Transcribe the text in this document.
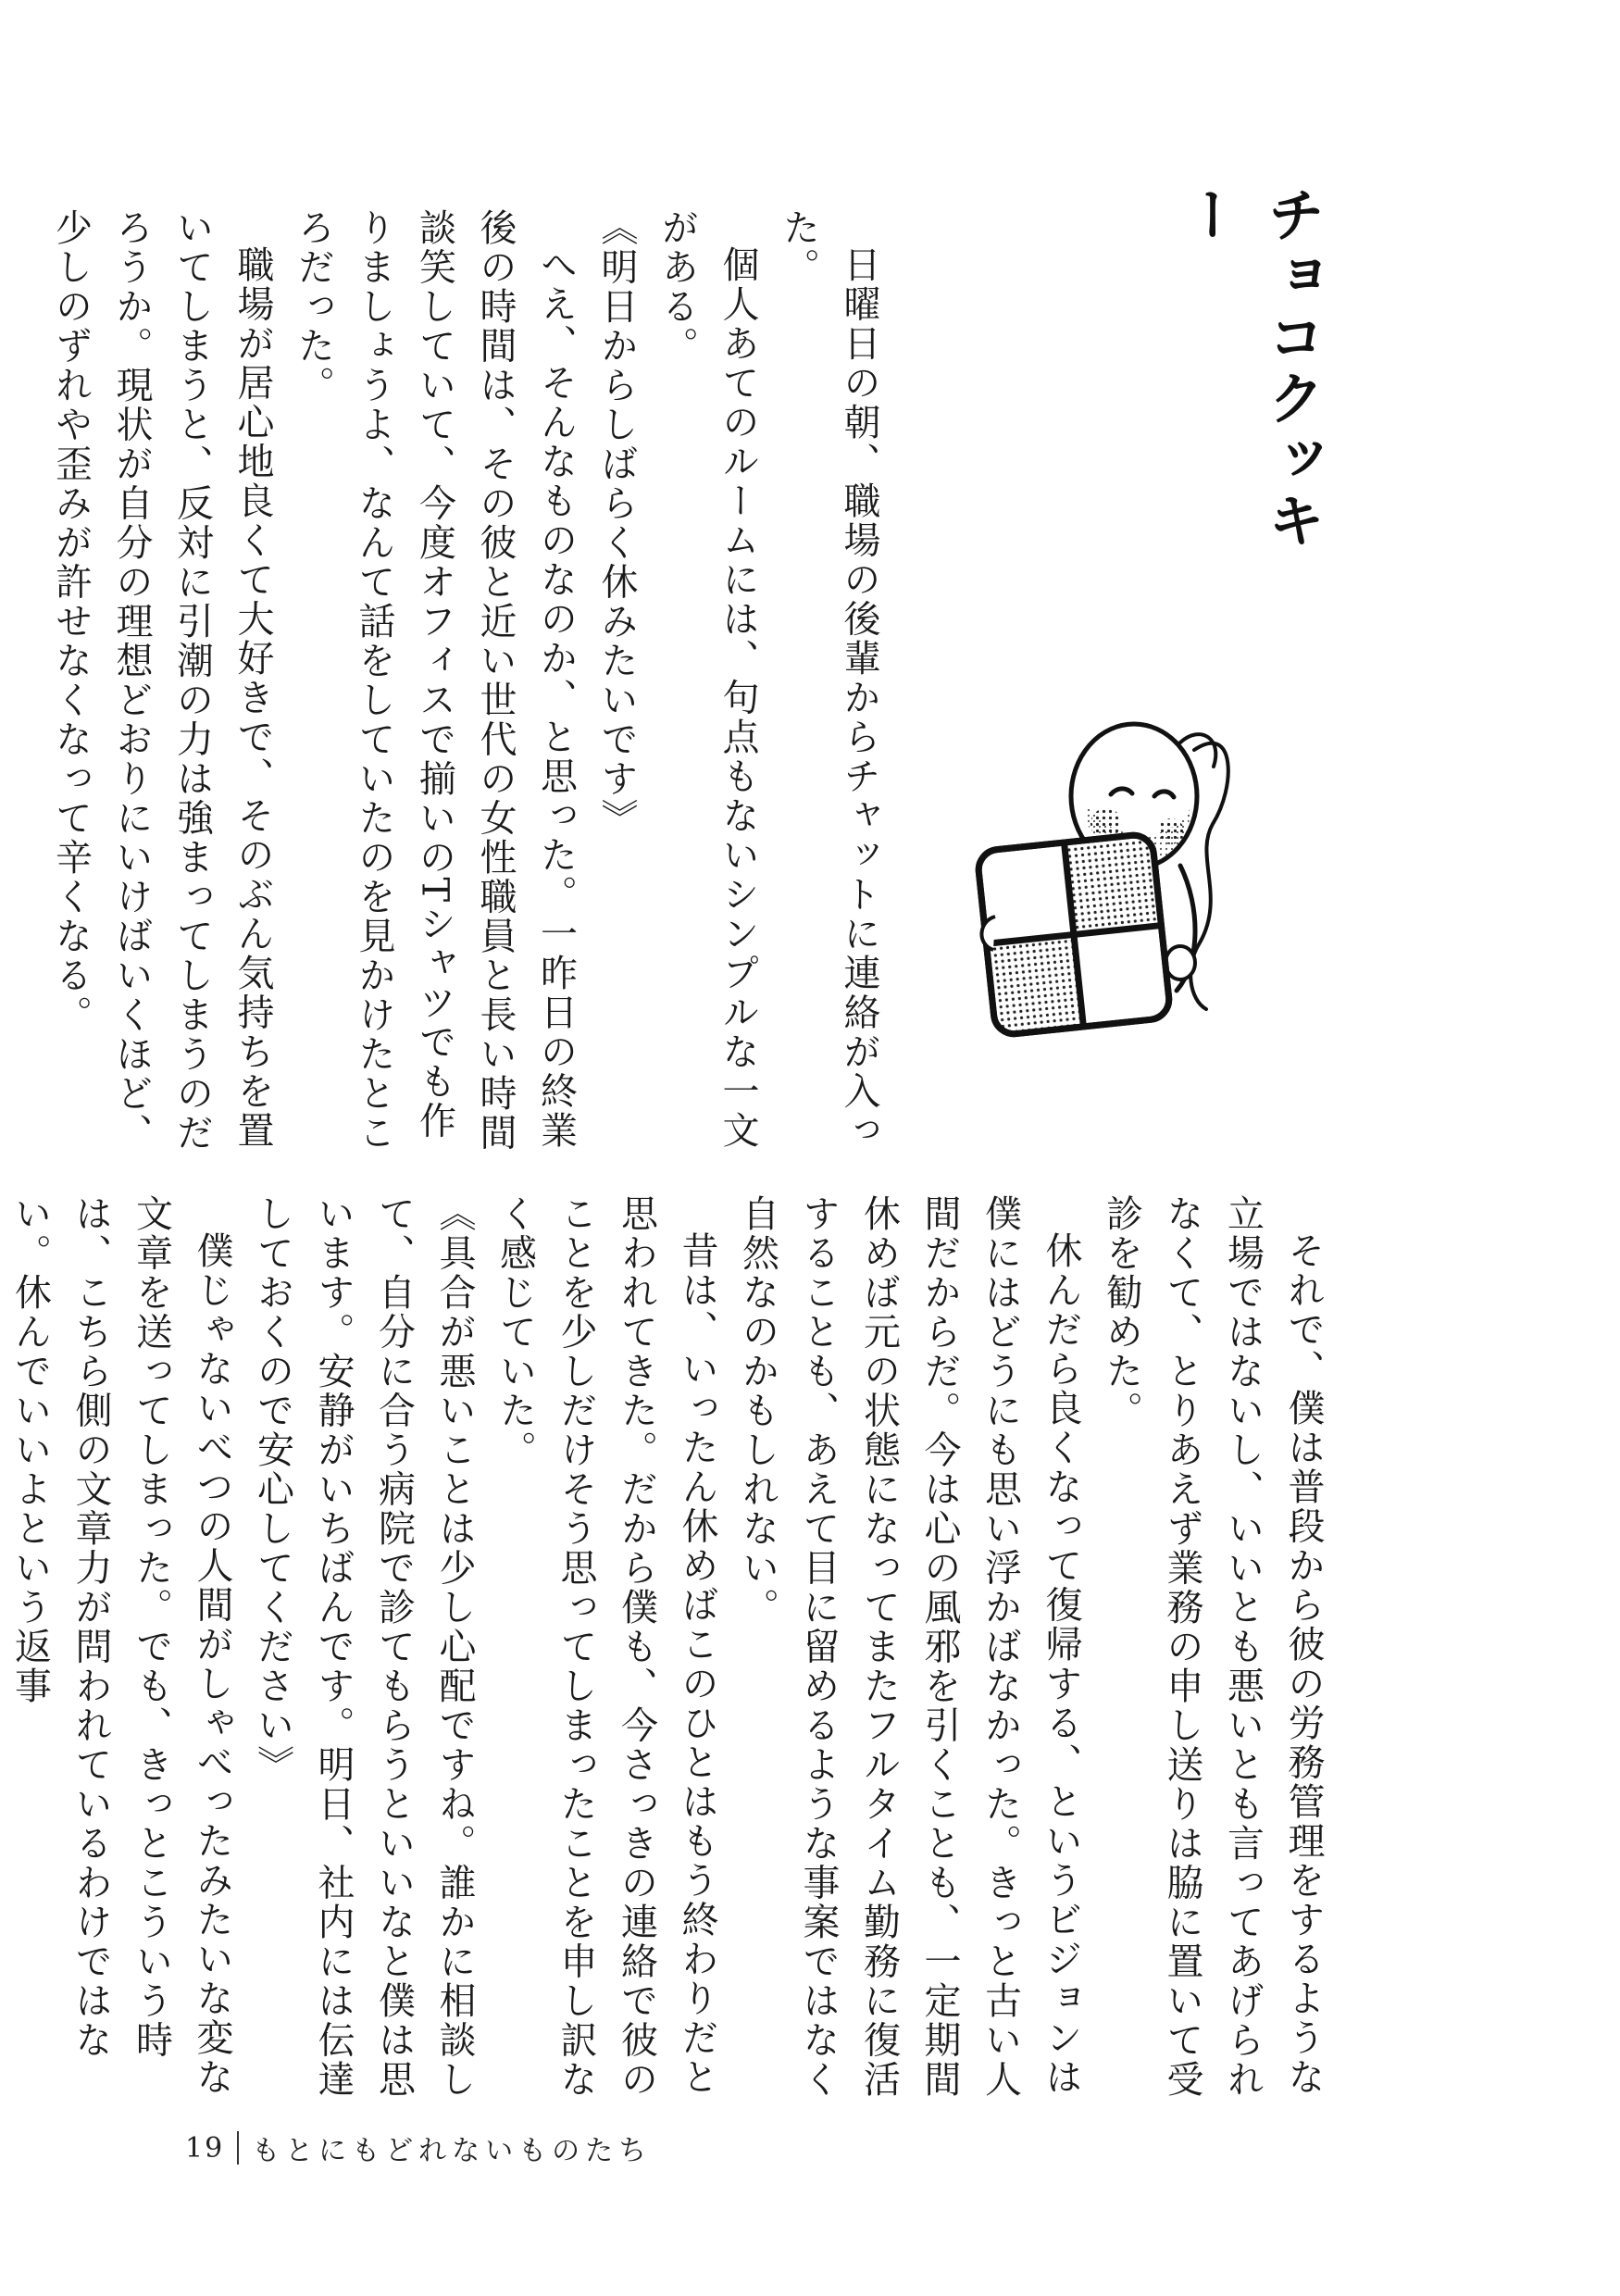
チョコクッキー

日曜日の朝、職場の後輩からチャットに連絡が入った。

個人あてのルームには、句点もないシンプルな一文がある。

《明日からしばらく休みたいです》

へえ、そんなものなのか、と思った。一昨日の終業後の時間は、その彼と近い世代の女性職員と長い時間談笑していて、今度オフィスで揃いのTシャツでも作りましょうよ、なんて話をしていたのを見かけたところだった。

職場が居心地良くて大好きで、そのぶん気持ちを置いてしまうと、反対に引潮の力は強まってしまうのだろうか。現状が自分の理想どおりにいけばいくほど、少しのずれや歪みが許せなくなって辛くなる。

それで、僕は普段から彼の労務管理をするような立場ではないし、いいとも悪いとも言ってあげられなくて、とりあえず業務の申し送りは脇に置いて受診を勧めた。

休んだら良くなって復帰する、というビジョンは僕にはどうにも思い浮かばなかった。きっと古い人間だからだ。今は心の風邪を引くことも、一定期間休めば元の状態になってまたフルタイム勤務に復活することも、あえて目に留めるような事案ではなく自然なのかもしれない。

昔は、いったん休めばこのひとはもう終わりだと思われてきた。だから僕も、今さっきの連絡で彼のことを少しだけそう思ってしまったことを申し訳なく感じていた。

《具合が悪いことは少し心配ですね。誰かに相談して、自分に合う病院で診てもらうといいなと僕は思います。安静がいちばんです。明日、社内には伝達しておくので安心してください》

僕じゃないべつの人間がしゃべったみたいな変な文章を送ってしまった。でも、きっとこういう時は、こちら側の文章力が問われているわけではない。休んでいいよという返事

19 もとにもどれないものたち
